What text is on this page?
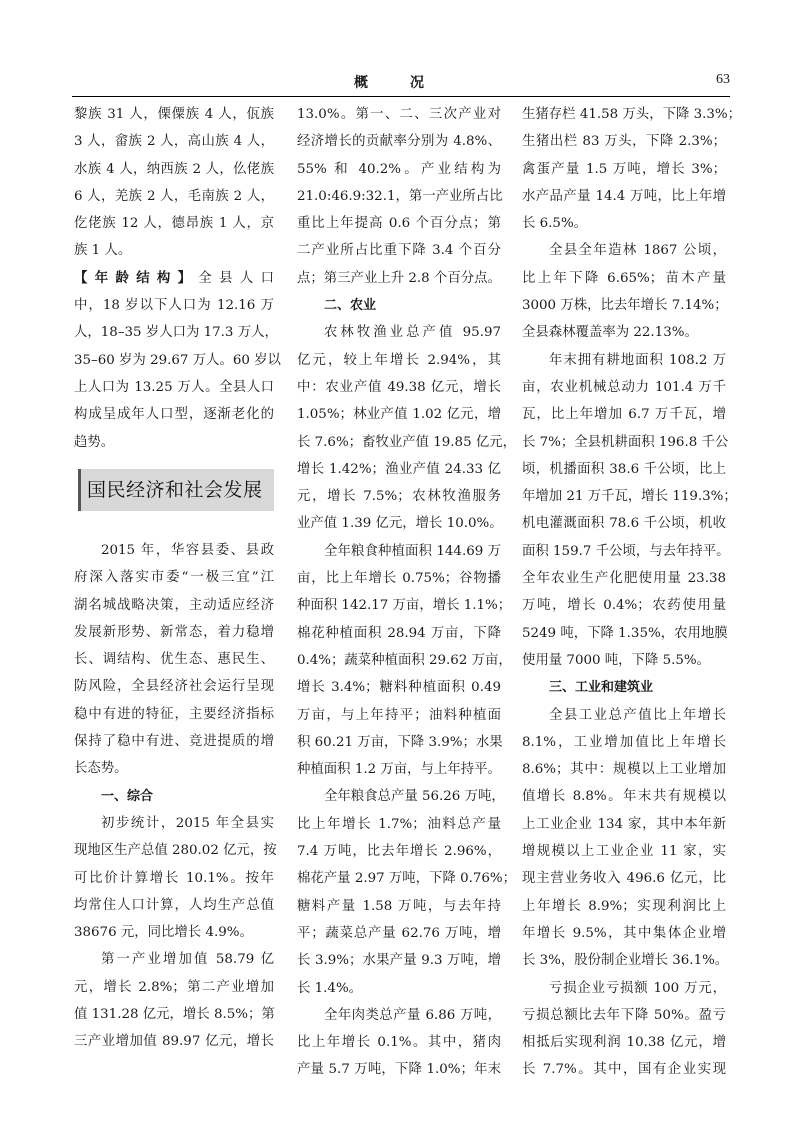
概　况	63
黎族 31 人，傈僳族 4 人，佤族
3 人，畲族 2 人，高山族 4 人，
水族 4 人，纳西族 2 人，仫佬族
6 人，羌族 2 人，毛南族 2 人，
仡佬族 12 人，德昂族 1 人，京
族 1 人。
【年龄结构】全县人口
中，18 岁以下人口为 12.16 万
人，18–35 岁人口为 17.3 万人，
35–60 岁为 29.67 万人。60 岁以
上人口为 13.25 万人。全县人口
构成呈成年人口型，逐渐老化的
趋势。
国民经济和社会发展
2015 年，华容县委、县政
府深入落实市委“一极三宜”江
湖名城战略决策，主动适应经济
发展新形势、新常态，着力稳增
长、调结构、优生态、惠民生、
防风险，全县经济社会运行呈现
稳中有进的特征，主要经济指标
保持了稳中有进、竞进提质的增
长态势。
一、综合
初步统计，2015 年全县实
现地区生产总值 280.02 亿元，按
可比价计算增长 10.1%。按年
均常住人口计算，人均生产总值
38676 元，同比增长 4.9%。
第一产业增加值 58.79 亿
元，增长 2.8%；第二产业增加
值 131.28 亿元，增长 8.5%；第
三产业增加值 89.97 亿元，增长
13.0%。第一、二、三次产业对
经济增长的贡献率分别为 4.8%、
55% 和 40.2%。产业结构为
21.0:46.9:32.1，第一产业所占比
重比上年提高 0.6 个百分点；第
二产业所占比重下降 3.4 个百分
点；第三产业上升 2.8 个百分点。
二、农业
农林牧渔业总产值 95.97
亿元，较上年增长 2.94%，其
中：农业产值 49.38 亿元，增长
1.05%；林业产值 1.02 亿元，增
长 7.6%；畜牧业产值 19.85 亿元，
增长 1.42%；渔业产值 24.33 亿
元，增长 7.5%；农林牧渔服务
业产值 1.39 亿元，增长 10.0%。
全年粮食种植面积 144.69 万
亩，比上年增长 0.75%；谷物播
种面积 142.17 万亩，增长 1.1%；
棉花种植面积 28.94 万亩，下降
0.4%；蔬菜种植面积 29.62 万亩，
增长 3.4%；糖料种植面积 0.49
万亩，与上年持平；油料种植面
积 60.21 万亩，下降 3.9%；水果
种植面积 1.2 万亩，与上年持平。
全年粮食总产量 56.26 万吨，
比上年增长 1.7%；油料总产量
7.4 万吨，比去年增长 2.96%，
棉花产量 2.97 万吨，下降 0.76%；
糖料产量 1.58 万吨，与去年持
平；蔬菜总产量 62.76 万吨，增
长 3.9%；水果产量 9.3 万吨，增
长 1.4%。
全年肉类总产量 6.86 万吨，
比上年增长 0.1%。其中，猪肉
产量 5.7 万吨，下降 1.0%；年末
生猪存栏 41.58 万头，下降 3.3%；
生猪出栏 83 万头，下降 2.3%；
禽蛋产量 1.5 万吨，增长 3%；
水产品产量 14.4 万吨，比上年增
长 6.5%。
全县全年造林 1867 公顷，
比上年下降 6.65%；苗木产量
3000 万株，比去年增长 7.14%；
全县森林覆盖率为 22.13%。
年末拥有耕地面积 108.2 万
亩，农业机械总动力 101.4 万千
瓦，比上年增加 6.7 万千瓦，增
长 7%；全县机耕面积 196.8 千公
顷，机播面积 38.6 千公顷，比上
年增加 21 万千瓦，增长 119.3%；
机电灌溉面积 78.6 千公顷，机收
面积 159.7 千公顷，与去年持平。
全年农业生产化肥使用量 23.38
万吨，增长 0.4%；农药使用量
5249 吨，下降 1.35%，农用地膜
使用量 7000 吨，下降 5.5%。
三、工业和建筑业
全县工业总产值比上年增长
8.1%，工业增加值比上年增长
8.6%；其中：规模以上工业增加
值增长 8.8%。年末共有规模以
上工业企业 134 家，其中本年新
增规模以上工业企业 11 家，实
现主营业务收入 496.6 亿元，比
上年增长 8.9%；实现利润比上
年增长 9.5%，其中集体企业增
长 3%，股份制企业增长 36.1%。
亏损企业亏损额 100 万元，
亏损总额比去年下降 50%。盈亏
相抵后实现利润 10.38 亿元，增
长 7.7%。其中，国有企业实现
